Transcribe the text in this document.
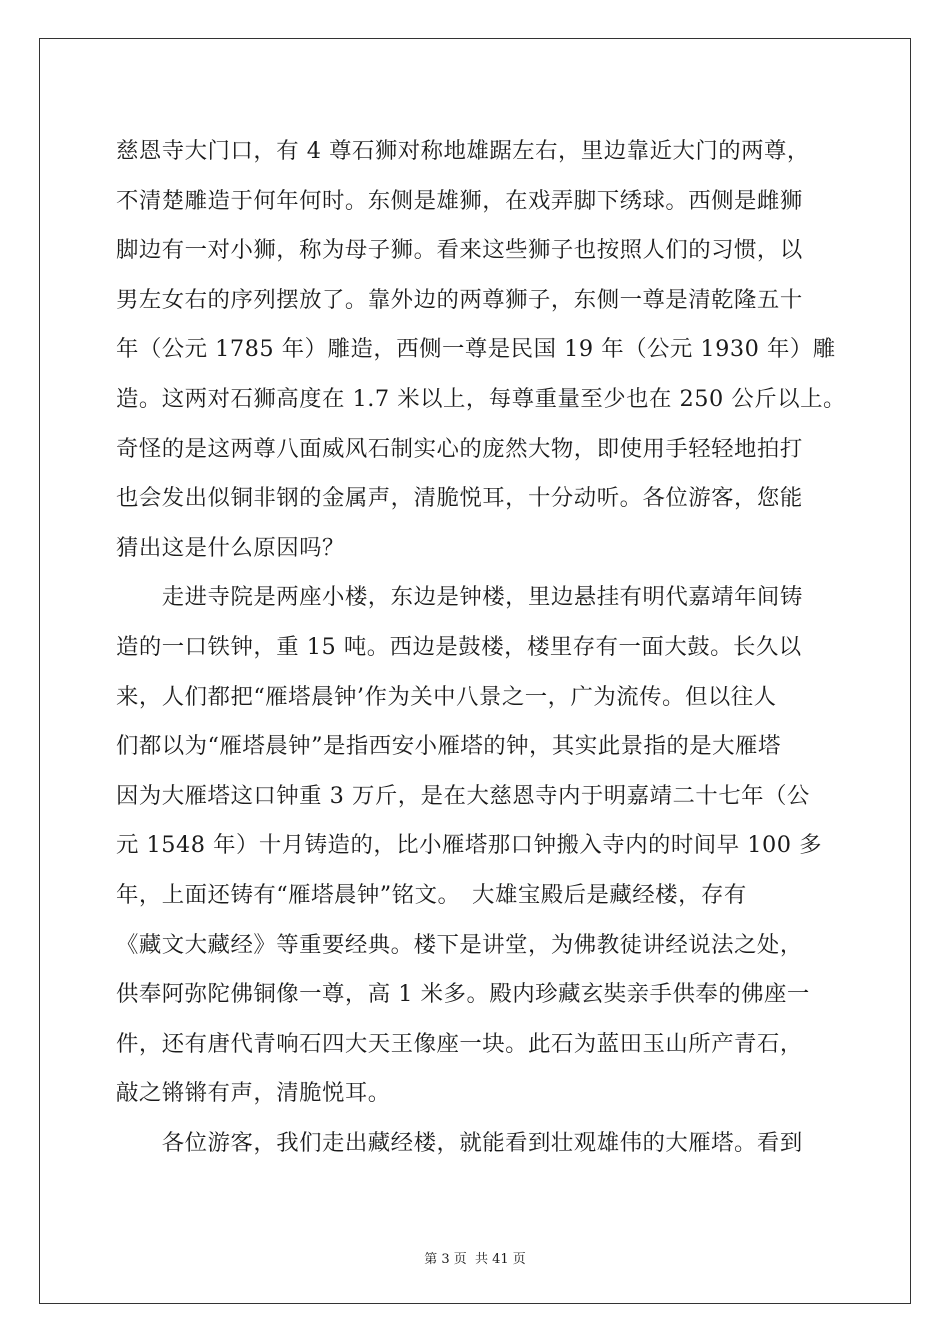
慈恩寺大门口，有 4 尊石狮对称地雄踞左右，里边靠近大门的两尊，
不清楚雕造于何年何时。东侧是雄狮，在戏弄脚下绣球。西侧是雌狮
脚边有一对小狮，称为母子狮。看来这些狮子也按照人们的习惯，以
男左女右的序列摆放了。靠外边的两尊狮子，东侧一尊是清乾隆五十
年（公元 1785 年）雕造，西侧一尊是民国 19 年（公元 1930 年）雕
造。这两对石狮高度在 1.7 米以上，每尊重量至少也在 250 公斤以上。
奇怪的是这两尊八面威风石制实心的庞然大物，即使用手轻轻地拍打
也会发出似铜非钢的金属声，清脆悦耳，十分动听。各位游客，您能
猜出这是什么原因吗？
　　走进寺院是两座小楼，东边是钟楼，里边悬挂有明代嘉靖年间铸
造的一口铁钟，重 15 吨。西边是鼓楼，楼里存有一面大鼓。长久以
来，人们都把“雁塔晨钟’作为关中八景之一，广为流传。但以往人
们都以为“雁塔晨钟”是指西安小雁塔的钟，其实此景指的是大雁塔
因为大雁塔这口钟重 3 万斤，是在大慈恩寺内于明嘉靖二十七年（公
元 1548 年）十月铸造的，比小雁塔那口钟搬入寺内的时间早 100 多
年，上面还铸有“雁塔晨钟”铭文。　大雄宝殿后是藏经楼，存有
《藏文大藏经》等重要经典。楼下是讲堂，为佛教徒讲经说法之处，
供奉阿弥陀佛铜像一尊，高 1 米多。殿内珍藏玄奘亲手供奉的佛座一
件，还有唐代青响石四大天王像座一块。此石为蓝田玉山所产青石，
敲之锵锵有声，清脆悦耳。
　　各位游客，我们走出藏经楼，就能看到壮观雄伟的大雁塔。看到
第 3 页 共 41 页
